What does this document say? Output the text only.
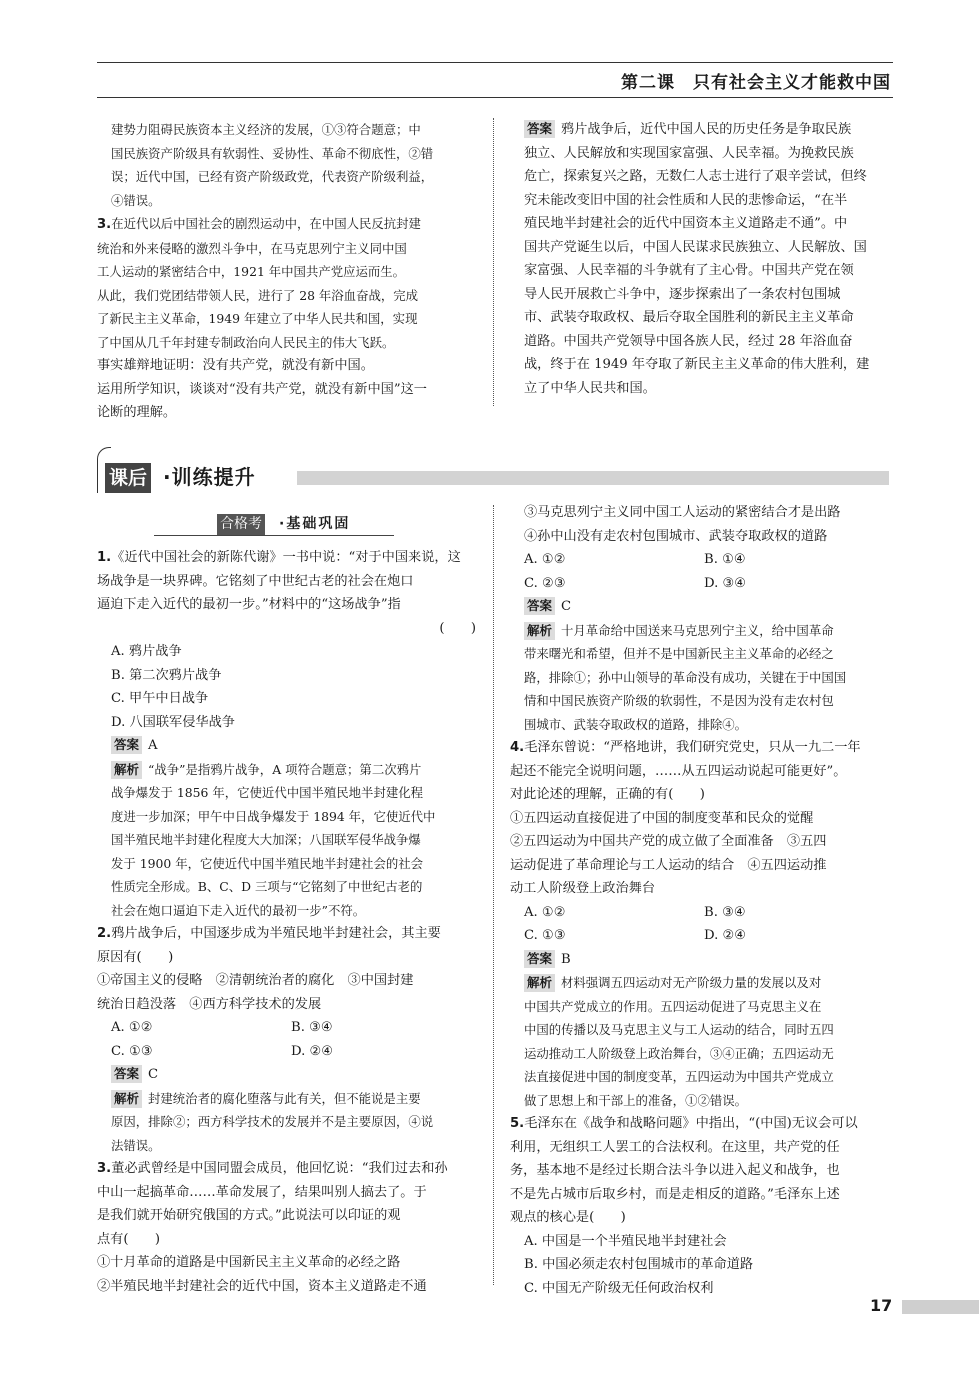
第二课　只有社会主义才能救中国

建势力阻碍民族资本主义经济的发展，①③符合题意；中

国民族资产阶级具有软弱性、妥协性、革命不彻底性，②错

误；近代中国，已经有资产阶级政党，代表资产阶级利益，

④错误。

3.在近代以后中国社会的剧烈运动中，在中国人民反抗封建

统治和外来侵略的激烈斗争中，在马克思列宁主义同中国

工人运动的紧密结合中，1921 年中国共产党应运而生。

从此，我们党团结带领人民，进行了 28 年浴血奋战，完成

了新民主主义革命，1949 年建立了中华人民共和国，实现

了中国从几千年封建专制政治向人民民主的伟大飞跃。

事实雄辩地证明：没有共产党，就没有新中国。

运用所学知识，谈谈对“没有共产党，就没有新中国”这一

论断的理解。

答案 鸦片战争后，近代中国人民的历史任务是争取民族

独立、人民解放和实现国家富强、人民幸福。为挽救民族

危亡，探索复兴之路，无数仁人志士进行了艰辛尝试，但终

究未能改变旧中国的社会性质和人民的悲惨命运，“在半

殖民地半封建社会的近代中国资本主义道路走不通”。中

国共产党诞生以后，中国人民谋求民族独立、人民解放、国

家富强、人民幸福的斗争就有了主心骨。中国共产党在领

导人民开展救亡斗争中，逐步探索出了一条农村包围城

市、武装夺取政权、最后夺取全国胜利的新民主主义革命

道路。中国共产党领导中国各族人民，经过 28 年浴血奋

战，终于在 1949 年夺取了新民主主义革命的伟大胜利，建

立了中华人民共和国。

课后 ·训练提升
合格考 ·基础巩固

1.《近代中国社会的新陈代谢》一书中说：“对于中国来说，这

场战争是一块界碑。它铭刻了中世纪古老的社会在炮口

逼迫下走入近代的最初一步。”材料中的“这场战争”指

(　　)

A. 鸦片战争

B. 第二次鸦片战争

C. 甲午中日战争

D. 八国联军侵华战争

答案 A

解析 “战争”是指鸦片战争，A 项符合题意；第二次鸦片

战争爆发于 1856 年，它使近代中国半殖民地半封建化程

度进一步加深；甲午中日战争爆发于 1894 年，它使近代中

国半殖民地半封建化程度大大加深；八国联军侵华战争爆

发于 1900 年，它使近代中国半殖民地半封建社会的社会

性质完全形成。B、C、D 三项与“它铭刻了中世纪古老的

社会在炮口逼迫下走入近代的最初一步”不符。

2.鸦片战争后，中国逐步成为半殖民地半封建社会，其主要

原因有(　　)

①帝国主义的侵略　②清朝统治者的腐化　③中国封建

统治日趋没落　④西方科学技术的发展

A. ①②	B. ③④
C. ①③	D. ②④

答案 C

解析 封建统治者的腐化堕落与此有关，但不能说是主要

原因，排除②；西方科学技术的发展并不是主要原因，④说

法错误。

3.董必武曾经是中国同盟会成员，他回忆说：“我们过去和孙

中山一起搞革命……革命发展了，结果叫别人搞去了。于

是我们就开始研究俄国的方式。”此说法可以印证的观

点有(　　)

①十月革命的道路是中国新民主主义革命的必经之路

②半殖民地半封建社会的近代中国，资本主义道路走不通

③马克思列宁主义同中国工人运动的紧密结合才是出路

④孙中山没有走农村包围城市、武装夺取政权的道路

A. ①②	B. ①④
C. ②③	D. ③④

答案 C

解析 十月革命给中国送来马克思列宁主义，给中国革命

带来曙光和希望，但并不是中国新民主主义革命的必经之

路，排除①；孙中山领导的革命没有成功，关键在于中国国

情和中国民族资产阶级的软弱性，不是因为没有走农村包

围城市、武装夺取政权的道路，排除④。

4.毛泽东曾说：“严格地讲，我们研究党史，只从一九二一年

起还不能完全说明问题，……从五四运动说起可能更好”。

对此论述的理解，正确的有(　　)

①五四运动直接促进了中国的制度变革和民众的觉醒

②五四运动为中国共产党的成立做了全面准备　③五四

运动促进了革命理论与工人运动的结合　④五四运动推

动工人阶级登上政治舞台

A. ①②	B. ③④
C. ①③	D. ②④

答案 B

解析 材料强调五四运动对无产阶级力量的发展以及对

中国共产党成立的作用。五四运动促进了马克思主义在

中国的传播以及马克思主义与工人运动的结合，同时五四

运动推动工人阶级登上政治舞台，③④正确；五四运动无

法直接促进中国的制度变革，五四运动为中国共产党成立

做了思想上和干部上的准备，①②错误。

5.毛泽东在《战争和战略问题》中指出，“(中国)无议会可以

利用，无组织工人罢工的合法权利。在这里，共产党的任

务，基本地不是经过长期合法斗争以进入起义和战争，也

不是先占城市后取乡村，而是走相反的道路。”毛泽东上述

观点的核心是(　　)

A. 中国是一个半殖民地半封建社会

B. 中国必须走农村包围城市的革命道路

C. 中国无产阶级无任何政治权利

17
